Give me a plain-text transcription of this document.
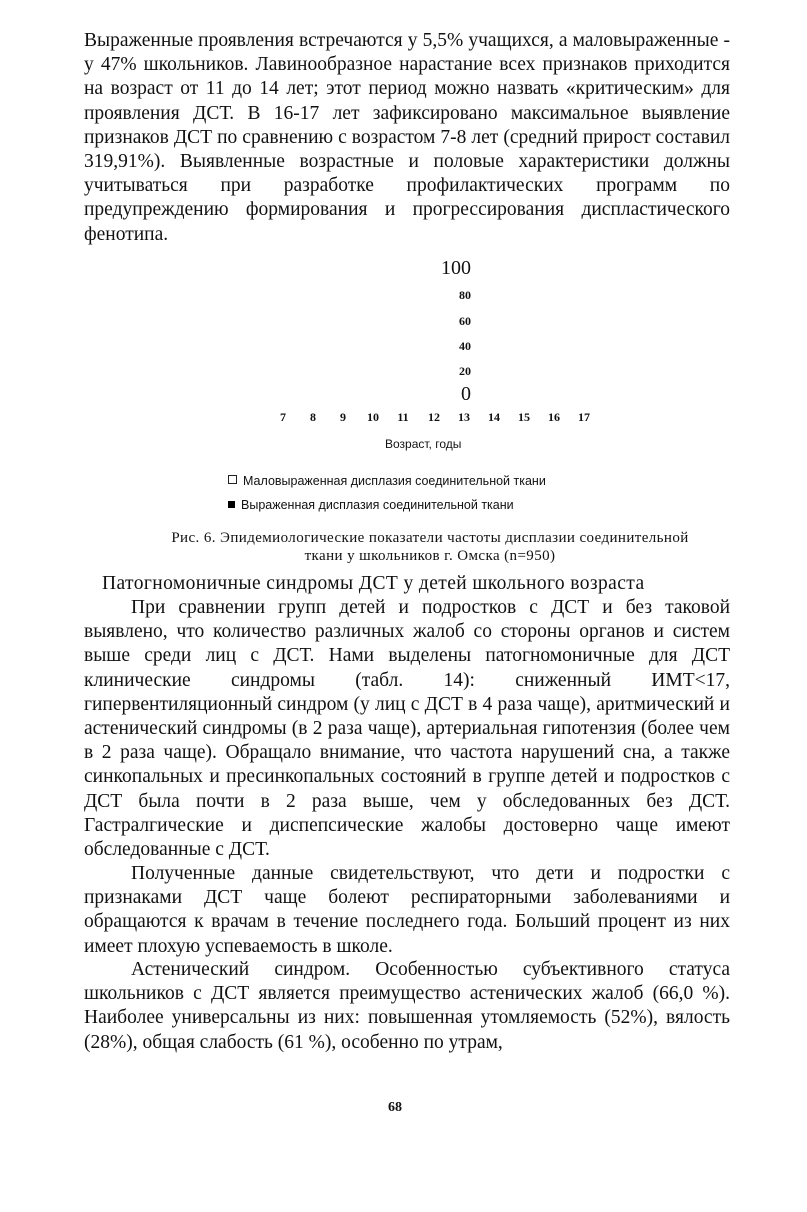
Выраженные проявления встречаются у 5,5% учащихся, а маловыраженные - у 47% школьников. Лавинообразное нарастание всех признаков приходится на возраст от 11 до 14 лет; этот период можно назвать «критическим» для проявления ДСТ. В 16-17 лет зафиксировано максимальное выявление признаков ДСТ по сравнению с возрастом 7-8 лет (средний прирост составил 319,91%). Выявленные возрастные и половые характеристики должны учитываться при разработке профилактических программ по предупреждению формирования и прогрессирования диспластического фенотипа.

100
80
60
40
20
0
7	8	9	10	11	12	13	14	15	16	17
Возраст, годы
Маловыраженная дисплазия соединительной ткани
Выраженная дисплазия соединительной ткани
Рис. 6. Эпидемиологические показатели частоты дисплазии соединительной
ткани у школьников г. Омска (n=950)
Патогномоничные синдромы ДСТ у детей школьного возраста

При сравнении групп детей и подростков с ДСТ и без таковой выявлено, что количество различных жалоб со стороны органов и систем выше среди лиц с ДСТ. Нами выделены патогномоничные для ДСТ клинические синдромы (табл. 14): сниженный ИМТ<17, гипервентиляционный синдром (у лиц с ДСТ в 4 раза чаще), аритмический и астенический синдромы (в 2 раза чаще), артериальная гипотензия (более чем в 2 раза чаще). Обращало внимание, что частота нарушений сна, а также синкопальных и пресинкопальных состояний в группе детей и подростков с ДСТ была почти в 2 раза выше, чем у обследованных без ДСТ. Гастралгические и диспепсические жалобы достоверно чаще имеют обследованные с ДСТ.

Полученные данные свидетельствуют, что дети и подростки с признаками ДСТ чаще болеют респираторными заболеваниями и обращаются к врачам в течение последнего года. Больший процент из них имеет плохую успеваемость в школе.

Астенический синдром. Особенностью субъективного статуса школьников с ДСТ является преимущество астенических жалоб (66,0 %). Наиболее универсальны из них: повышенная утомляемость (52%), вялость (28%), общая слабость (61 %), особенно по утрам,

68
